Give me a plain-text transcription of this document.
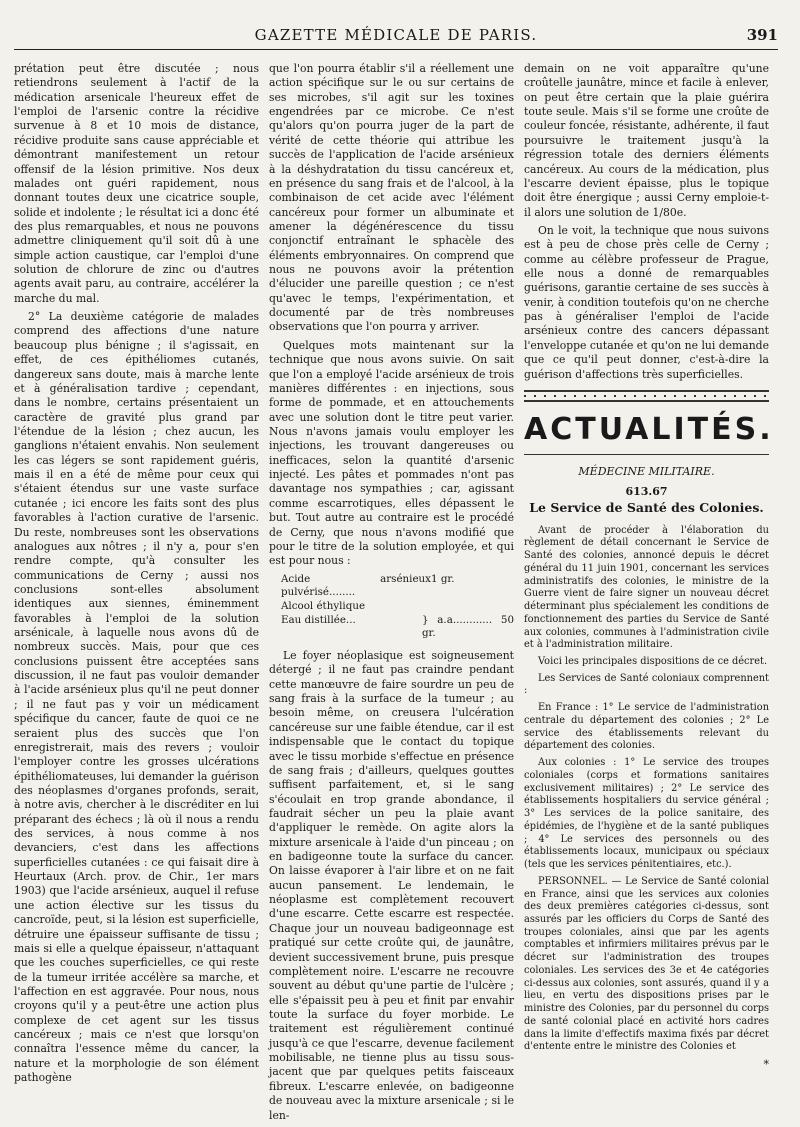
GAZETTE MÉDICALE DE PARIS.	391

prétation peut être discutée ; nous retiendrons seulement à l'actif de la médication arsenicale l'heureux effet de l'emploi de l'arsenic contre la récidive survenue à 8 et 10 mois de distance, récidive produite sans cause appréciable et démontrant manifestement un retour offensif de la lésion primitive. Nos deux malades ont guéri rapidement, nous donnant toutes deux une cicatrice souple, solide et indolente ; le résultat ici a donc été des plus remarquables, et nous ne pouvons admettre cliniquement qu'il soit dû à une simple action caustique, car l'emploi d'une solution de chlorure de zinc ou d'autres agents avait paru, au contraire, accélérer la marche du mal.

2° La deuxième catégorie de malades comprend des affections d'une nature beaucoup plus bénigne ; il s'agissait, en effet, de ces épithéliomes cutanés, dangereux sans doute, mais à marche lente et à généralisation tardive ; cependant, dans le nombre, certains présentaient un caractère de gravité plus grand par l'étendue de la lésion ; chez aucun, les ganglions n'étaient envahis. Non seulement les cas légers se sont rapidement guéris, mais il en a été de même pour ceux qui s'étaient étendus sur une vaste surface cutanée ; ici encore les faits sont des plus favorables à l'action curative de l'arsenic. Du reste, nombreuses sont les observations analogues aux nôtres ; il n'y a, pour s'en rendre compte, qu'à consulter les communications de Cerny ; aussi nos conclusions sont-elles absolument identiques aux siennes, éminemment favorables à l'emploi de la solution arsénicale, à laquelle nous avons dû de nombreux succès. Mais, pour que ces conclusions puissent être acceptées sans discussion, il ne faut pas vouloir demander à l'acide arsénieux plus qu'il ne peut donner ; il ne faut pas y voir un médicament spécifique du cancer, faute de quoi ce ne seraient plus des succès que l'on enregistrerait, mais des revers ; vouloir l'employer contre les grosses ulcérations épithéliomateuses, lui demander la guérison des néoplasmes d'organes profonds, serait, à notre avis, chercher à le discréditer en lui préparant des échecs ; là où il nous a rendu des services, à nous comme à nos devanciers, c'est dans les affections superficielles cutanées : ce qui faisait dire à Heurtaux (Arch. prov. de Chir., 1er mars 1903) que l'acide arsénieux, auquel il refuse une action élective sur les tissus du cancroïde, peut, si la lésion est superficielle, détruire une épaisseur suffisante de tissu ; mais si elle a quelque épaisseur, n'attaquant que les couches superficielles, ce qui reste de la tumeur irritée accélère sa marche, et l'affection en est aggravée. Pour nous, nous croyons qu'il y a peut-être une action plus complexe de cet agent sur les tissus cancéreux ; mais ce n'est que lorsqu'on connaîtra l'essence même du cancer, la nature et la morphologie de son élément pathogène

que l'on pourra établir s'il a réellement une action spécifique sur le ou sur certains de ses microbes, s'il agit sur les toxines engendrées par ce microbe. Ce n'est qu'alors qu'on pourra juger de la part de vérité de cette théorie qui attribue les succès de l'application de l'acide arsénieux à la déshydratation du tissu cancéreux et, en présence du sang frais et de l'alcool, à la combinaison de cet acide avec l'élément cancéreux pour former un albuminate et amener la dégénérescence du tissu conjonctif entraînant le sphacèle des éléments embryonnaires. On comprend que nous ne pouvons avoir la prétention d'élucider une pareille question ; ce n'est qu'avec le temps, l'expérimentation, et documenté par de très nombreuses observations que l'on pourra y arriver.

Quelques mots maintenant sur la technique que nous avons suivie. On sait que l'on a employé l'acide arsénieux de trois manières différentes : en injections, sous forme de pommade, et en attouchements avec une solution dont le titre peut varier. Nous n'avons jamais voulu employer les injections, les trouvant dangereuses ou inefficaces, selon la quantité d'arsenic injecté. Les pâtes et pommades n'ont pas davantage nos sympathies ; car, agissant comme escarrotiques, elles dépassent le but. Tout autre au contraire est le procédé de Cerny, que nous n'avons modifié que pour le titre de la solution employée, et qui est pour nous :

Acide arsénieux pulvérisé........
1 gr.
Alcool éthylique
Eau distillée...	} a.a............ 50 gr.

Le foyer néoplasique est soigneusement détergé ; il ne faut pas craindre pendant cette manœuvre de faire sourdre un peu de sang frais à la surface de la tumeur ; au besoin même, on creusera l'ulcération cancéreuse sur une faible étendue, car il est indispensable que le contact du topique avec le tissu morbide s'effectue en présence de sang frais ; d'ailleurs, quelques gouttes suffisent parfaitement, et, si le sang s'écoulait en trop grande abondance, il faudrait sécher un peu la plaie avant d'appliquer le remède. On agite alors la mixture arsenicale à l'aide d'un pinceau ; on en badigeonne toute la surface du cancer. On laisse évaporer à l'air libre et on ne fait aucun pansement. Le lendemain, le néoplasme est complètement recouvert d'une escarre. Cette escarre est respectée. Chaque jour un nouveau badigeonnage est pratiqué sur cette croûte qui, de jaunâtre, devient successivement brune, puis presque complètement noire. L'escarre ne recouvre souvent au début qu'une partie de l'ulcère ; elle s'épaissit peu à peu et finit par envahir toute la surface du foyer morbide. Le traitement est régulièrement continué jusqu'à ce que l'escarre, devenue facilement mobilisable, ne tienne plus au tissu sous-jacent que par quelques petits faisceaux fibreux. L'escarre enlevée, on badigeonne de nouveau avec la mixture arsenicale ; si le len-

demain on ne voit apparaître qu'une croûtelle jaunâtre, mince et facile à enlever, on peut être certain que la plaie guérira toute seule. Mais s'il se forme une croûte de couleur foncée, résistante, adhérente, il faut poursuivre le traitement jusqu'à la régression totale des derniers éléments cancéreux. Au cours de la médication, plus l'escarre devient épaisse, plus le topique doit être énergique ; aussi Cerny emploie-t-il alors une solution de 1/80e.

On le voit, la technique que nous suivons est à peu de chose près celle de Cerny ; comme au célèbre professeur de Prague, elle nous a donné de remarquables guérisons, garantie certaine de ses succès à venir, à condition toutefois qu'on ne cherche pas à généraliser l'emploi de l'acide arsénieux contre des cancers dépassant l'enveloppe cutanée et qu'on ne lui demande que ce qu'il peut donner, c'est-à-dire la guérison d'affections très superficielles.

ACTUALITÉS.
MÉDECINE MILITAIRE.
613.67
Le Service de Santé des Colonies.

Avant de procéder à l'élaboration du règlement de détail concernant le Service de Santé des colonies, annoncé depuis le décret général du 11 juin 1901, concernant les services administratifs des colonies, le ministre de la Guerre vient de faire signer un nouveau décret déterminant plus spécialement les conditions de fonctionnement des parties du Service de Santé aux colonies, communes à l'administration civile et à l'administration militaire.

Voici les principales dispositions de ce décret.

Les Services de Santé coloniaux comprennent :

En France : 1° Le service de l'administration centrale du département des colonies ; 2° Le service des établissements relevant du département des colonies.

Aux colonies : 1° Le service des troupes coloniales (corps et formations sanitaires exclusivement militaires) ; 2° Le service des établissements hospitaliers du service général ; 3° Les services de la police sanitaire, des épidémies, de l'hygiène et de la santé publiques ; 4° Le services des personnels ou des établissements locaux, municipaux ou spéciaux (tels que les services pénitentiaires, etc.).

PERSONNEL. — Le Service de Santé colonial en France, ainsi que les services aux colonies des deux premières catégories ci-dessus, sont assurés par les officiers du Corps de Santé des troupes coloniales, ainsi que par les agents comptables et infirmiers militaires prévus par le décret sur l'administration des troupes coloniales. Les services des 3e et 4e catégories ci-dessus aux colonies, sont assurés, quand il y a lieu, en vertu des dispositions prises par le ministre des Colonies, par du personnel du corps de santé colonial placé en activité hors cadres dans la limite d'effectifs maxima fixés par décret d'entente entre le ministre des Colonies et

*
